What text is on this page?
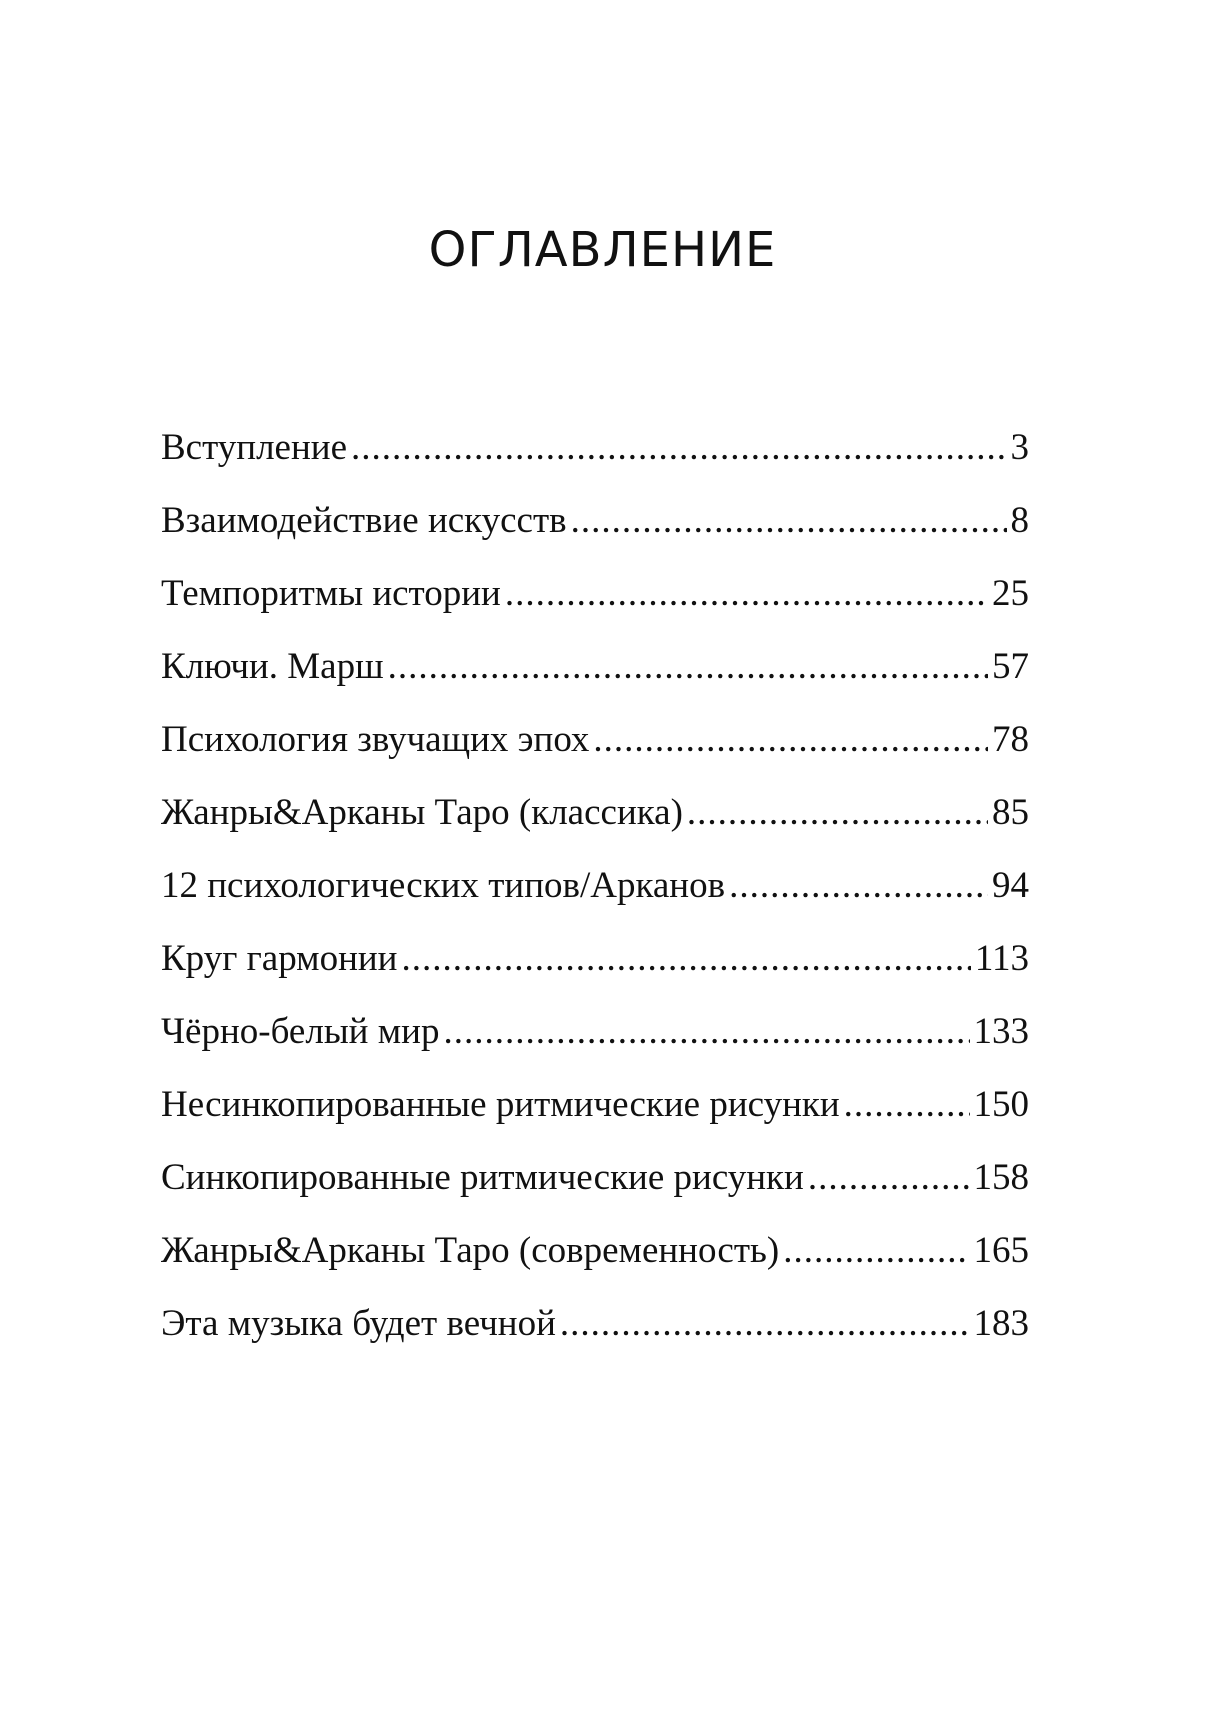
ОГЛАВЛЕНИЕ
Вступление .....	3
Взаимодействие искусств .....	8
Темпоритмы истории .....	25
Ключи. Марш .....	57
Психология звучащих эпох .....	78
Жанры&Арканы Таро (классика) .....	85
12 психологических типов/Арканов .....	94
Круг гармонии .....	113
Чёрно-белый мир .....	133
Несинкопированные ритмические рисунки .....	150
Синкопированные ритмические рисунки .....	158
Жанры&Арканы Таро (современность) .....	165
Эта музыка будет вечной .....	183
